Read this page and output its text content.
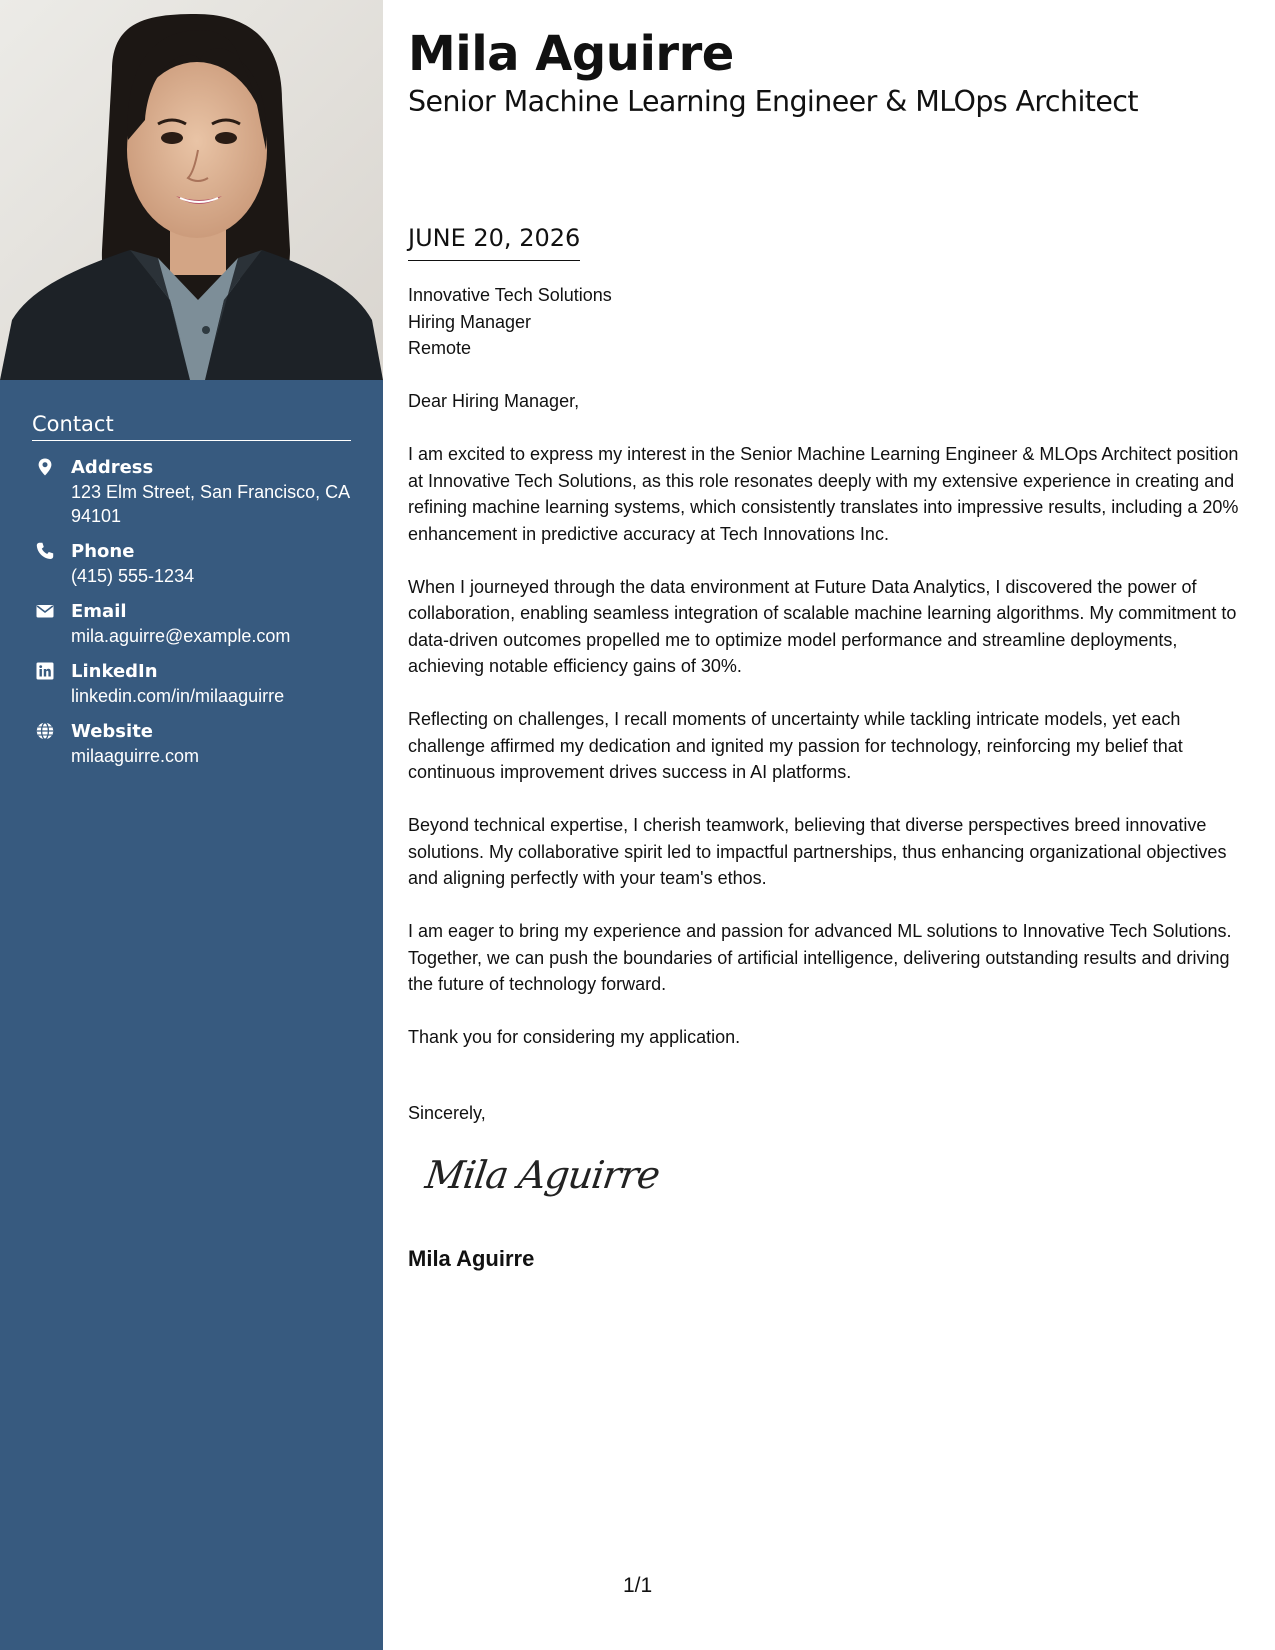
Contact
Address
123 Elm Street, San Francisco, CA 94101
Phone
(415) 555-1234
Email
mila.aguirre@example.com
LinkedIn
linkedin.com/in/milaaguirre
Website
milaaguirre.com
Mila Aguirre
Senior Machine Learning Engineer & MLOps Architect
JUNE 20, 2026
Innovative Tech Solutions
Hiring Manager
Remote

Dear Hiring Manager,

I am excited to express my interest in the Senior Machine Learning Engineer & MLOps Architect position at Innovative Tech Solutions, as this role resonates deeply with my extensive experience in creating and refining machine learning systems, which consistently translates into impressive results, including a 20% enhancement in predictive accuracy at Tech Innovations Inc.

When I journeyed through the data environment at Future Data Analytics, I discovered the power of collaboration, enabling seamless integration of scalable machine learning algorithms. My commitment to data-driven outcomes propelled me to optimize model performance and streamline deployments, achieving notable efficiency gains of 30%.

Reflecting on challenges, I recall moments of uncertainty while tackling intricate models, yet each challenge affirmed my dedication and ignited my passion for technology, reinforcing my belief that continuous improvement drives success in AI platforms.

Beyond technical expertise, I cherish teamwork, believing that diverse perspectives breed innovative solutions. My collaborative spirit led to impactful partnerships, thus enhancing organizational objectives and aligning perfectly with your team's ethos.

I am eager to bring my experience and passion for advanced ML solutions to Innovative Tech Solutions. Together, we can push the boundaries of artificial intelligence, delivering outstanding results and driving the future of technology forward.

Thank you for considering my application.

Sincerely,
Mila Aguirre
Mila Aguirre
1/1
